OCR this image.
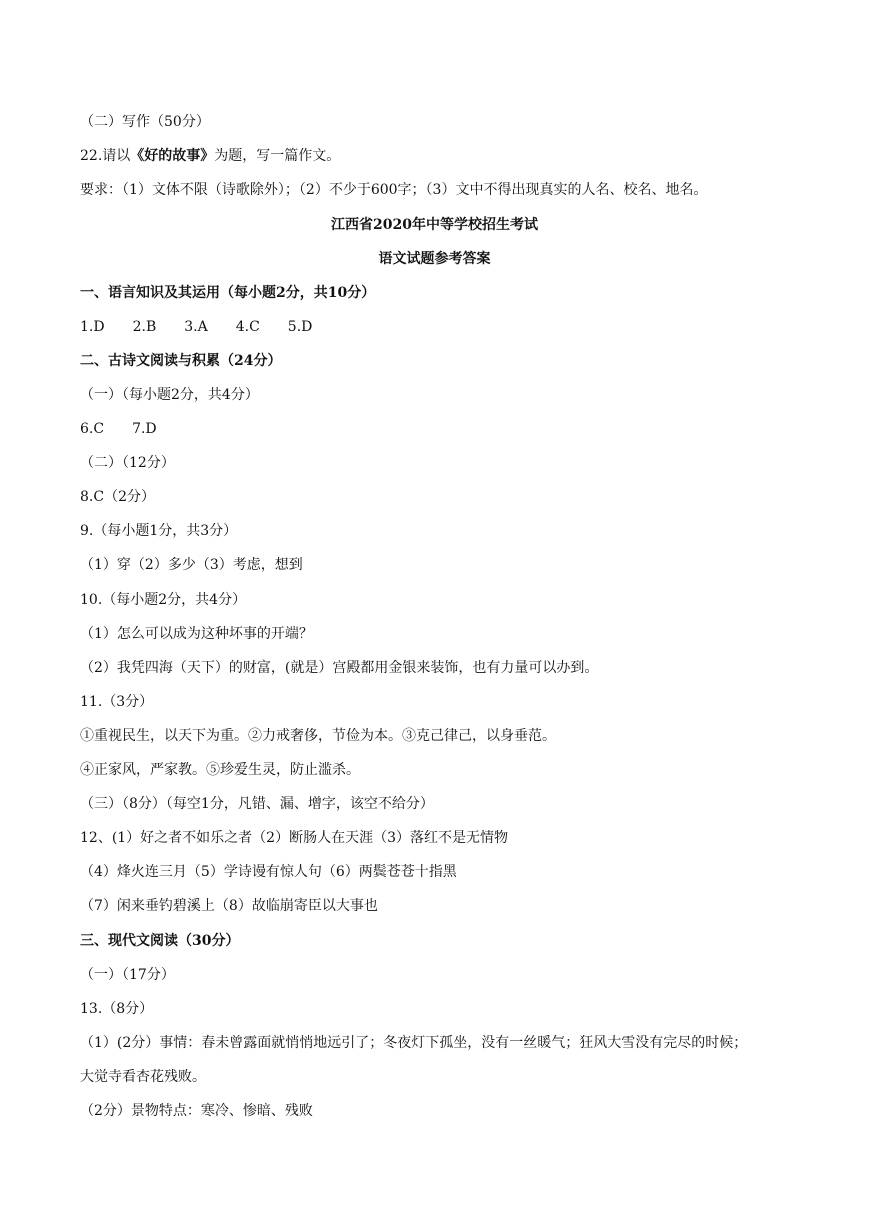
（二）写作（50分）
22.请以《好的故事》为题，写一篇作文。
要求：（1）文体不限（诗歌除外）；（2）不少于600字；（3）文中不得出现真实的人名、校名、地名。
江西省2020年中等学校招生考试
语文试题参考答案
一、语言知识及其运用（每小题2分，共10分）
1.D 2.B 3.A 4.C 5.D
二、古诗文阅读与积累（24分）
（一）（每小题2分，共4分）
6.C 7.D
（二）（12分）
8.C（2分）
9.（每小题1分，共3分）
（1）穿（2）多少（3）考虑，想到
10.（每小题2分，共4分）
（1）怎么可以成为这种坏事的开端？
（2）我凭四海（天下）的财富，(就是）宫殿都用金银来装饰，也有力量可以办到。
11.（3分）
①重视民生，以天下为重。②力戒奢侈，节俭为本。③克己律己，以身垂范。
④正家风，严家教。⑤珍爱生灵，防止滥杀。
（三）（8分）（每空1分，凡错、漏、增字，该空不给分）
12、(1）好之者不如乐之者（2）断肠人在天涯（3）落红不是无情物
（4）烽火连三月（5）学诗谩有惊人句（6）两鬓苍苍十指黑
（7）闲来垂钓碧溪上（8）故临崩寄臣以大事也
三、现代文阅读（30分）
（一）（17分）
13.（8分）
（1）(2分）事情：春未曾露面就悄悄地远引了；冬夜灯下孤坐，没有一丝暖气；狂风大雪没有完尽的时候；
大觉寺看杏花残败。
（2分）景物特点：寒冷、惨暗、残败
